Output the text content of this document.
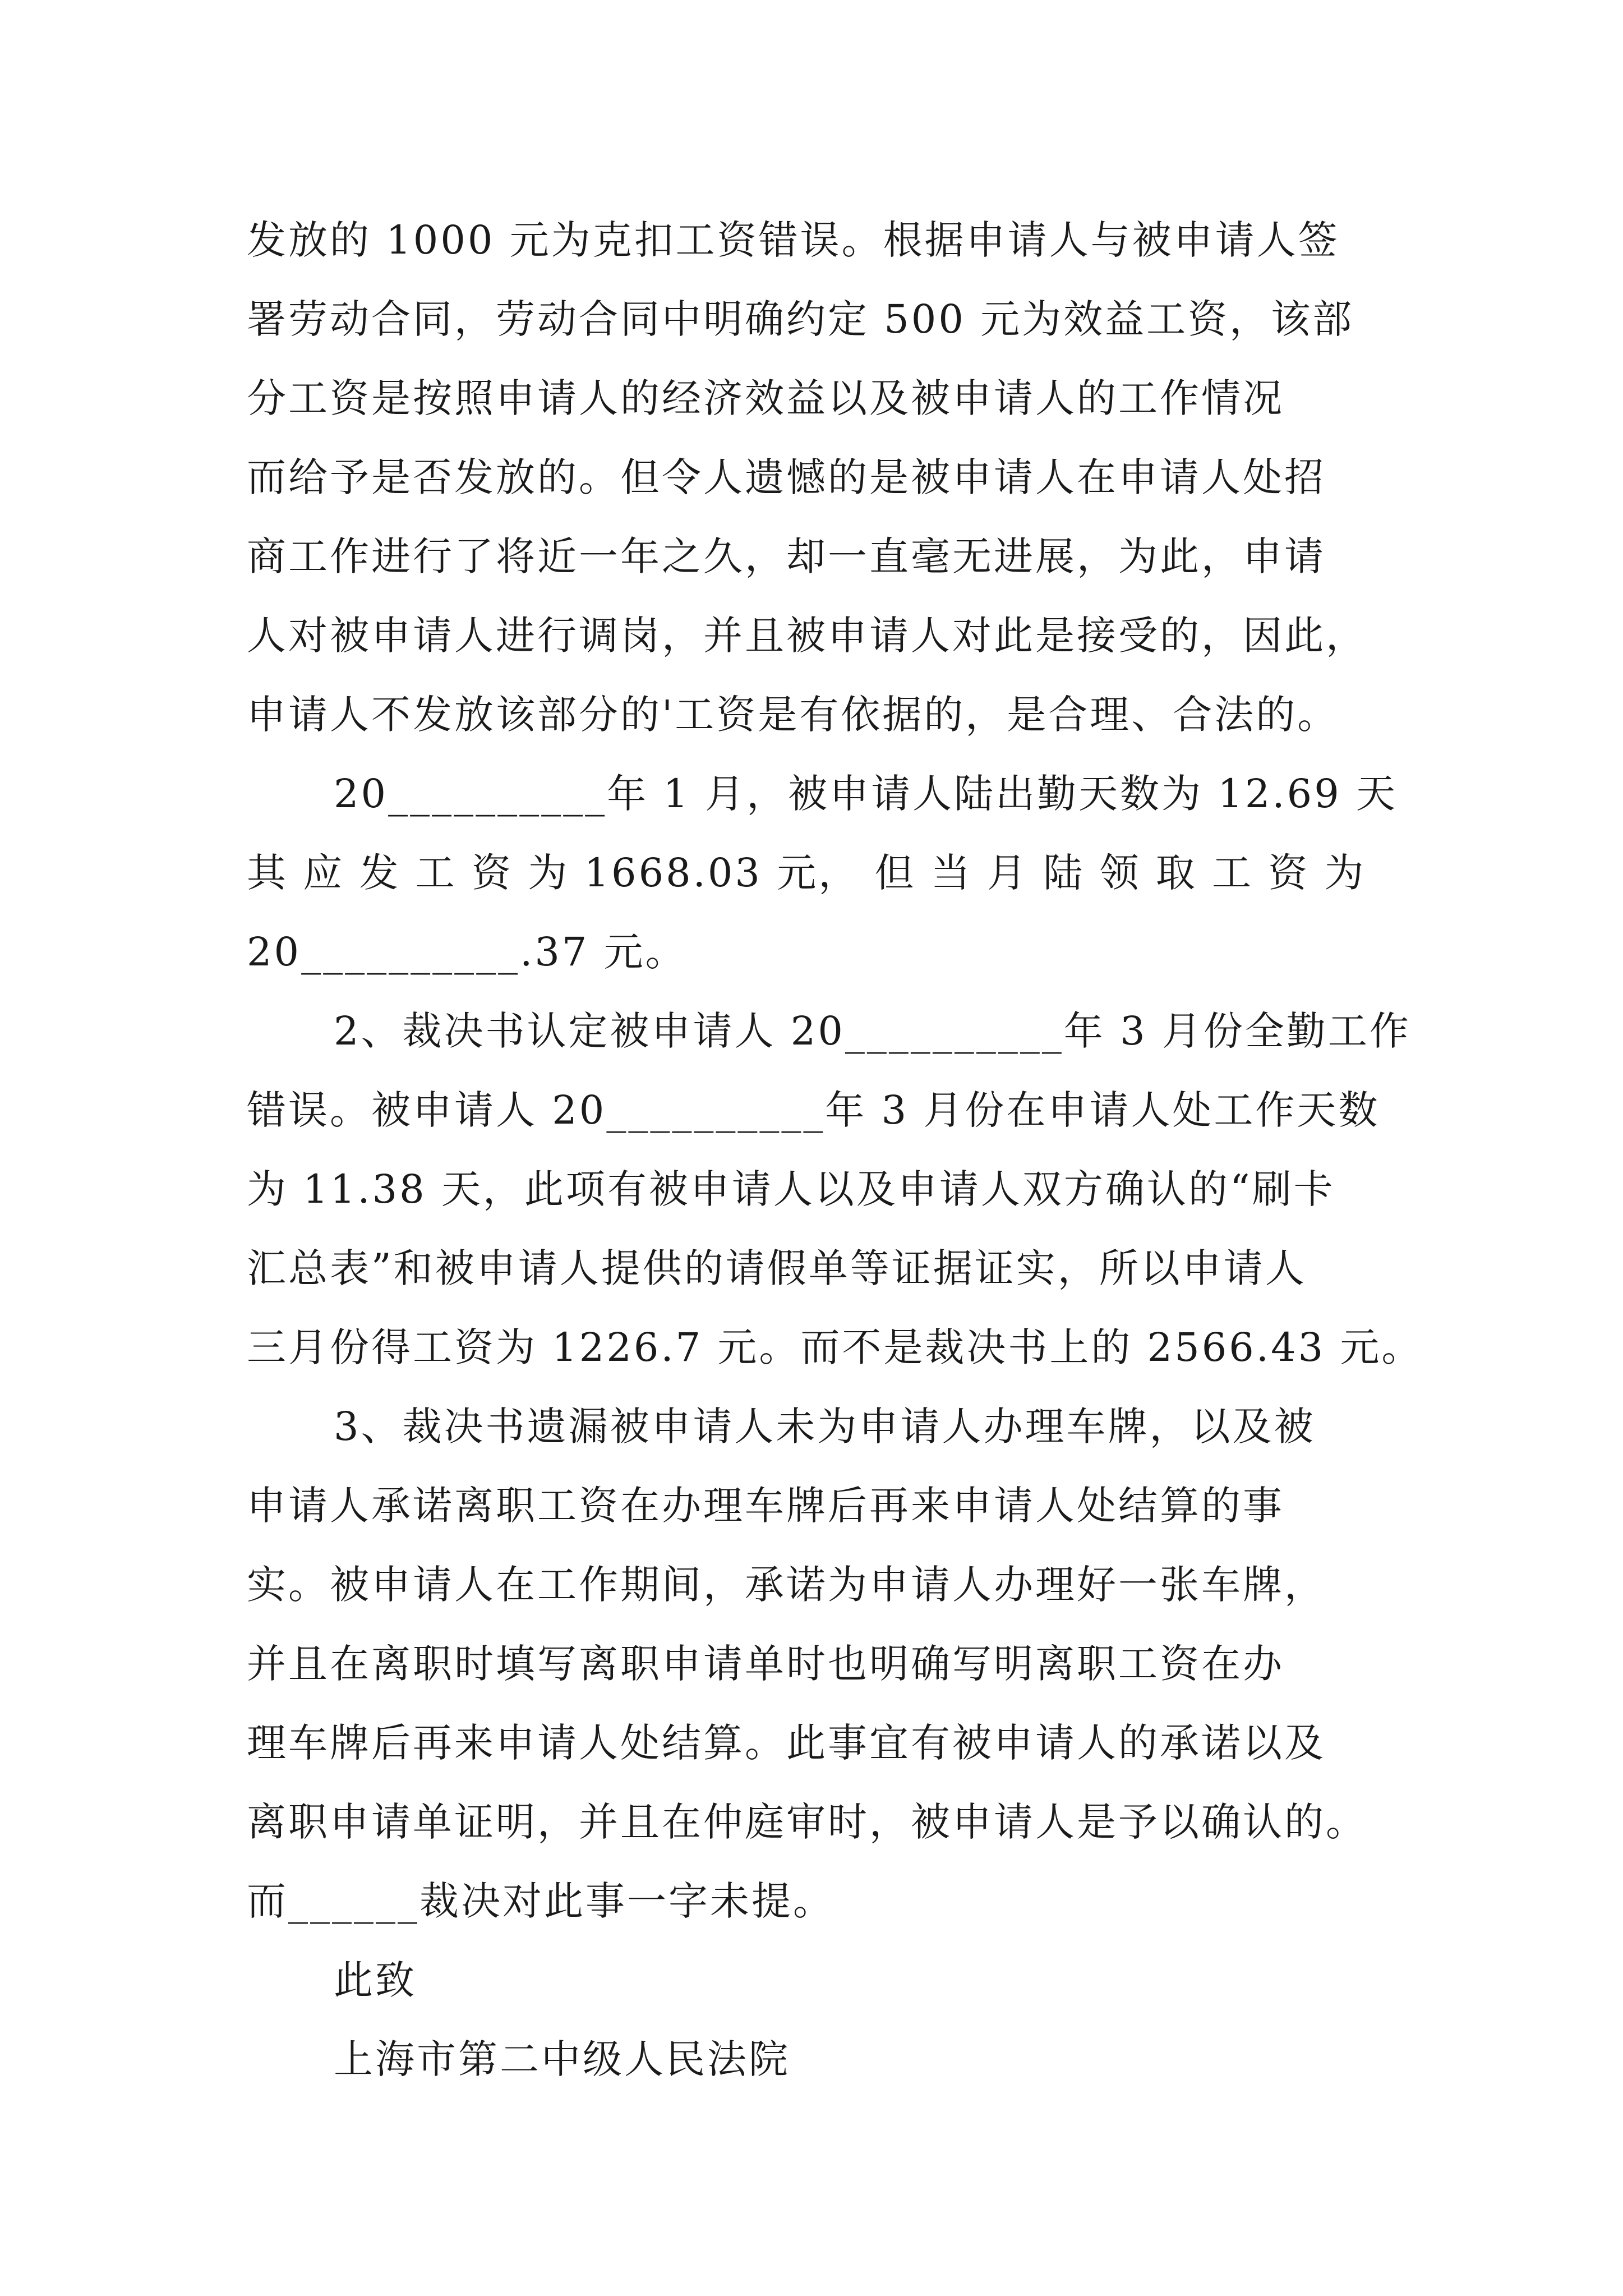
发放的 1000 元为克扣工资错误。根据申请人与被申请人签
署劳动合同，劳动合同中明确约定 500 元为效益工资，该部
分工资是按照申请人的经济效益以及被申请人的工作情况
而给予是否发放的。但令人遗憾的是被申请人在申请人处招
商工作进行了将近一年之久，却一直毫无进展，为此，申请
人对被申请人进行调岗，并且被申请人对此是接受的，因此，
申请人不发放该部分的'工资是有依据的，是合理、合法的。
20__________年 1 月，被申请人陆出勤天数为 12.69 天
其 应 发 工 资 为 1668.03 元， 但 当 月 陆 领 取 工 资 为
20__________.37 元。
2、裁决书认定被申请人 20__________年 3 月份全勤工作
错误。被申请人 20__________年 3 月份在申请人处工作天数
为 11.38 天，此项有被申请人以及申请人双方确认的“刷卡
汇总表”和被申请人提供的请假单等证据证实，所以申请人
三月份得工资为 1226.7 元。而不是裁决书上的 2566.43 元。
3、裁决书遗漏被申请人未为申请人办理车牌，以及被
申请人承诺离职工资在办理车牌后再来申请人处结算的事
实。被申请人在工作期间，承诺为申请人办理好一张车牌，
并且在离职时填写离职申请单时也明确写明离职工资在办
理车牌后再来申请人处结算。此事宜有被申请人的承诺以及
离职申请单证明，并且在仲庭审时，被申请人是予以确认的。
而______裁决对此事一字未提。
此致
上海市第二中级人民法院
